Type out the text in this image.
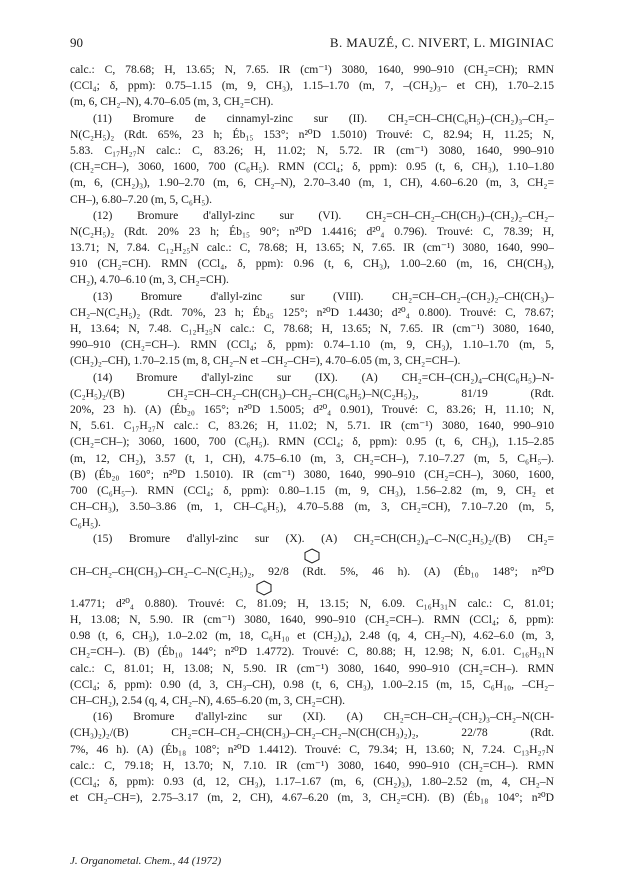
90	B. MAUZÉ, C. NIVERT, L. MIGINIAC
calc.: C, 78.68; H, 13.65; N, 7.65. IR (cm⁻¹) 3080, 1640, 990–910 (CH₂=CH); RMN
(CCl₄; δ, ppm): 0.75–1.15 (m, 9, CH₃), 1.15–1.70 (m, 7, –(CH₂)₃– et CH), 1.70–2.15
(m, 6, CH₂–N), 4.70–6.05 (m, 3, CH₂=CH).
(11) Bromure de cinnamyl-zinc sur (II). CH₂=CH–CH(C₆H₅)–(CH₂)₃–CH₂–
N(C₂H₅)₂ (Rdt. 65%, 23 h; Éb₁₅ 153°; n²⁰D 1.5010) Trouvé: C, 82.94; H, 11.25; N,
5.83. C₁₇H₂₇N calc.: C, 83.26; H, 11.02; N, 5.72. IR (cm⁻¹) 3080, 1640, 990–910
(CH₂=CH–), 3060, 1600, 700 (C₆H₅). RMN (CCl₄; δ, ppm): 0.95 (t, 6, CH₃), 1.10–1.80
(m, 6, (CH₂)₃), 1.90–2.70 (m, 6, CH₂–N), 2.70–3.40 (m, 1, CH), 4.60–6.20 (m, 3, CH₂=
CH–), 6.80–7.20 (m, 5, C₆H₅).
(12) Bromure d'allyl-zinc sur (VI). CH₂=CH–CH₂–CH(CH₃)–(CH₂)₂–CH₂–
N(C₂H₅)₂ (Rdt. 20% 23 h; Éb₁₅ 90°; n²⁰D 1.4416; d²⁰₄ 0.796). Trouvé: C, 78.39; H,
13.71; N, 7.84. C₁₂H₂₅N calc.: C, 78.68; H, 13.65; N, 7.65. IR (cm⁻¹) 3080, 1640, 990–
910 (CH₂=CH). RMN (CCl₄, δ, ppm): 0.96 (t, 6, CH₃), 1.00–2.60 (m, 16, CH(CH₃),
CH₂), 4.70–6.10 (m, 3, CH₂=CH).
(13) Bromure d'allyl-zinc sur (VIII). CH₂=CH–CH₂–(CH₂)₂–CH(CH₃)–
CH₂–N(C₂H₅)₂ (Rdt. 70%, 23 h; Éb₄₅ 125°; n²⁰D 1.4430; d²⁰₄ 0.800). Trouvé: C, 78.67;
H, 13.64; N, 7.48. C₁₂H₂₅N calc.: C, 78.68; H, 13.65; N, 7.65. IR (cm⁻¹) 3080, 1640,
990–910 (CH₂=CH–). RMN (CCl₄; δ, ppm): 0.74–1.10 (m, 9, CH₃), 1.10–1.70 (m, 5,
(CH₂)₂–CH), 1.70–2.15 (m, 8, CH₂–N et –CH₂–CH=), 4.70–6.05 (m, 3, CH₂=CH–).
(14) Bromure d'allyl-zinc sur (IX). (A) CH₂=CH–(CH₂)₄–CH(C₆H₅)–N-
(C₂H₅)₂/(B) CH₂=CH–CH₂–CH(CH₃)–CH₂–CH(C₆H₅)–N(C₂H₅)₂, 81/19 (Rdt.
20%, 23 h). (A) (Éb₂₀ 165°; n²⁰D 1.5005; d²⁰₄ 0.901), Trouvé: C, 83.26; H, 11.10; N,
N, 5.61. C₁₇H₂₇N calc.: C, 83.26; H, 11.02; N, 5.71. IR (cm⁻¹) 3080, 1640, 990–910
(CH₂=CH–); 3060, 1600, 700 (C₆H₅). RMN (CCl₄; δ, ppm): 0.95 (t, 6, CH₃), 1.15–2.85
(m, 12, CH₂), 3.57 (t, 1, CH), 4.75–6.10 (m, 3, CH₂=CH–), 7.10–7.27 (m, 5, C₆H₅–).
(B) (Éb₂₀ 160°; n²⁰D 1.5010). IR (cm⁻¹) 3080, 1640, 990–910 (CH₂=CH–), 3060, 1600,
700 (C₆H₅–). RMN (CCl₄; δ, ppm): 0.80–1.15 (m, 9, CH₃), 1.56–2.82 (m, 9, CH₂ et
CH–CH₃), 3.50–3.86 (m, 1, CH–C₆H₅), 4.70–5.88 (m, 3, CH₂=CH), 7.10–7.20 (m, 5,
C₆H₅).
(15) Bromure d'allyl-zinc sur (X). (A) CH₂=CH(CH₂)₄–C–N(C₂H₅)₂/(B) CH₂=
CH–CH₂–CH(CH₃)–CH₂–C–N(C₂H₅)₂, 92/8 (Rdt. 5%, 46 h). (A) (Éb₁₀ 148°; n²⁰D
1.4771; d²⁰₄ 0.880). Trouvé: C, 81.09; H, 13.15; N, 6.09. C₁₆H₃₁N calc.: C, 81.01;
H, 13.08; N, 5.90. IR (cm⁻¹) 3080, 1640, 990–910 (CH₂=CH–). RMN (CCl₄; δ, ppm):
0.98 (t, 6, CH₃), 1.0–2.02 (m, 18, C₆H₁₀ et (CH₂)₄), 2.48 (q, 4, CH₂–N), 4.62–6.0 (m, 3,
CH₂=CH–). (B) (Éb₁₀ 144°; n²⁰D 1.4772). Trouvé: C, 80.88; H, 12.98; N, 6.01. C₁₆H₃₁N
calc.: C, 81.01; H, 13.08; N, 5.90. IR (cm⁻¹) 3080, 1640, 990–910 (CH₂=CH–). RMN
(CCl₄; δ, ppm): 0.90 (d, 3, CH₃–CH), 0.98 (t, 6, CH₃), 1.00–2.15 (m, 15, C₆H₁₀, –CH₂–
CH–CH₂), 2.54 (q, 4, CH₂–N), 4.65–6.20 (m, 3, CH₂=CH).
(16) Bromure d'allyl-zinc sur (XI). (A) CH₂=CH–CH₂–(CH₂)₃–CH₂–N(CH-
(CH₃)₂)₂/(B) CH₂=CH–CH₂–CH(CH₃)–CH₂–CH₂–N(CH(CH₃)₂)₂, 22/78 (Rdt.
7%, 46 h). (A) (Éb₁₈ 108°; n²⁰D 1.4412). Trouvé: C, 79.34; H, 13.60; N, 7.24. C₁₃H₂₇N
calc.: C, 79.18; H, 13.70; N, 7.10. IR (cm⁻¹) 3080, 1640, 990–910 (CH₂=CH–). RMN
(CCl₄; δ, ppm): 0.93 (d, 12, CH₃), 1.17–1.67 (m, 6, (CH₂)₃), 1.80–2.52 (m, 4, CH₂–N
et CH₂–CH=), 2.75–3.17 (m, 2, CH), 4.67–6.20 (m, 3, CH₂=CH). (B) (Éb₁₈ 104°; n²⁰D
J. Organometal. Chem., 44 (1972)
